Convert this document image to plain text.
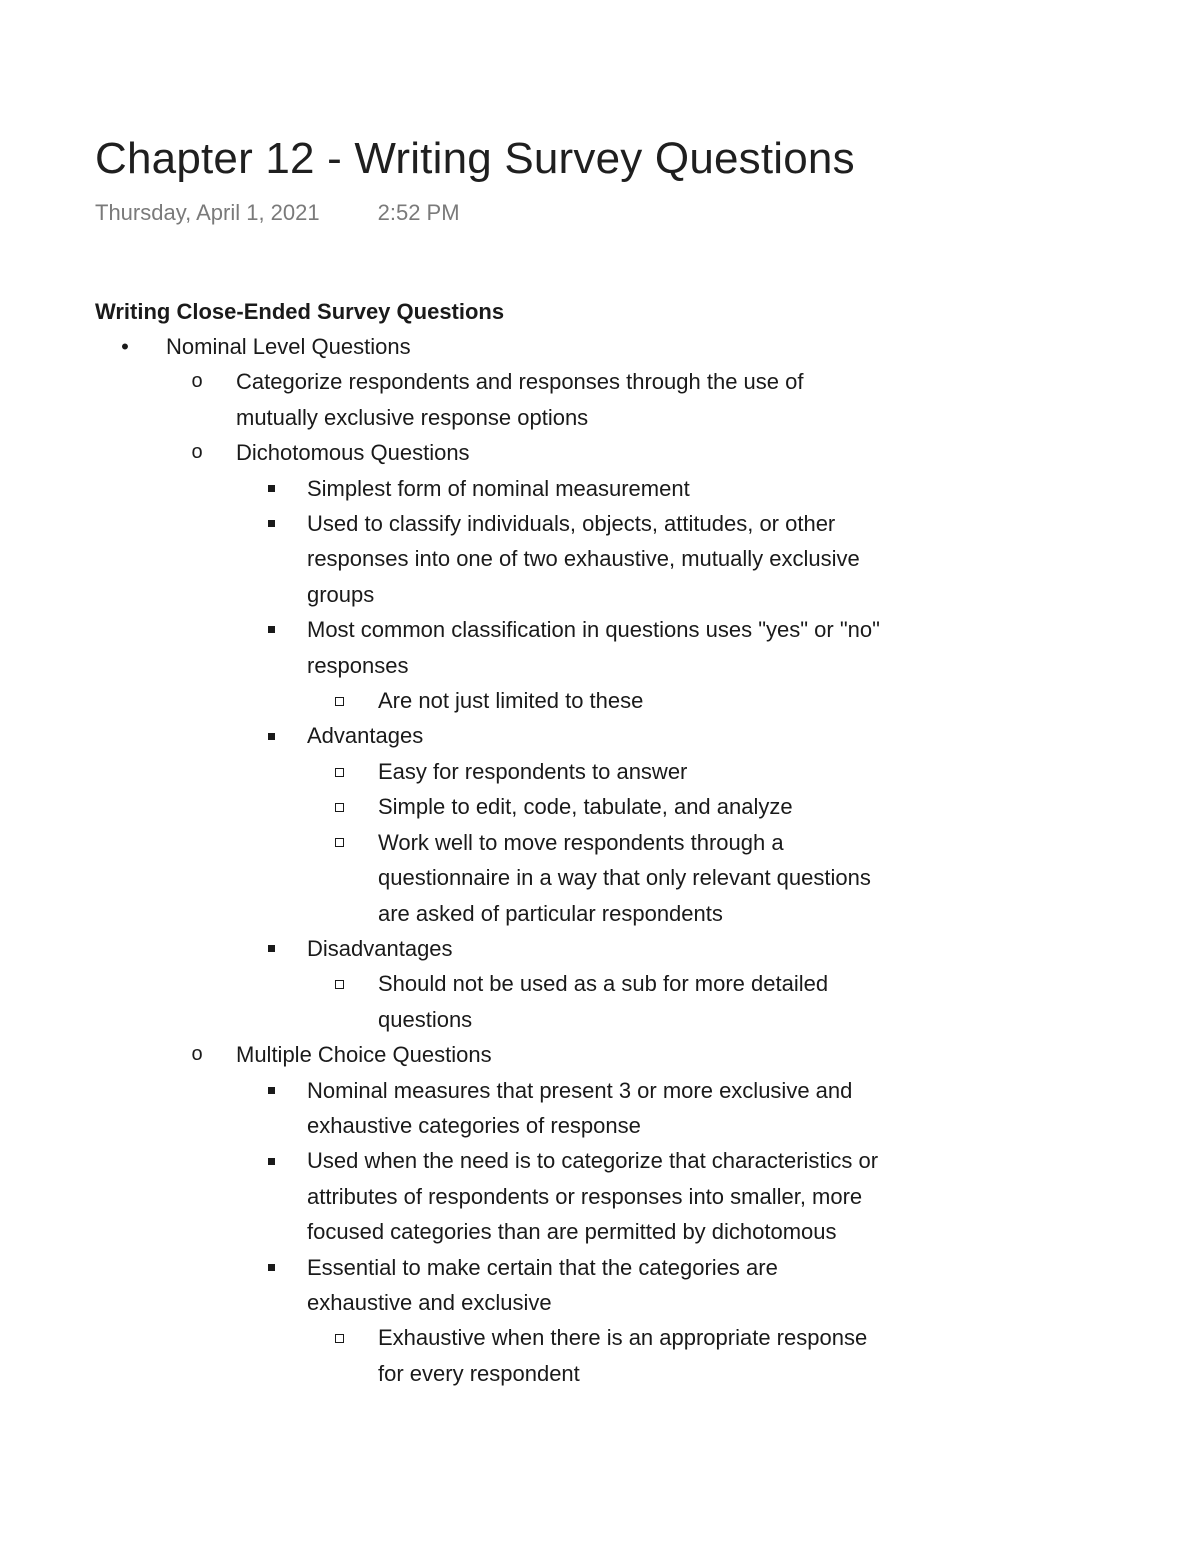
Chapter 12 - Writing Survey Questions
Thursday, April 1, 2021	2:52 PM
Writing Close-Ended Survey Questions
• Nominal Level Questions
o Categorize respondents and responses through the use of mutually exclusive response options
o Dichotomous Questions
Simplest form of nominal measurement
Used to classify individuals, objects, attitudes, or other responses into one of two exhaustive, mutually exclusive groups
Most common classification in questions uses "yes" or "no" responses
Are not just limited to these
Advantages
Easy for respondents to answer
Simple to edit, code, tabulate, and analyze
Work well to move respondents through a questionnaire in a way that only relevant questions are asked of particular respondents
Disadvantages
Should not be used as a sub for more detailed questions
o Multiple Choice Questions
Nominal measures that present 3 or more exclusive and exhaustive categories of response
Used when the need is to categorize that characteristics or attributes of respondents or responses into smaller, more focused categories than are permitted by dichotomous
Essential to make certain that the categories are exhaustive and exclusive
Exhaustive when there is an appropriate response for every respondent
